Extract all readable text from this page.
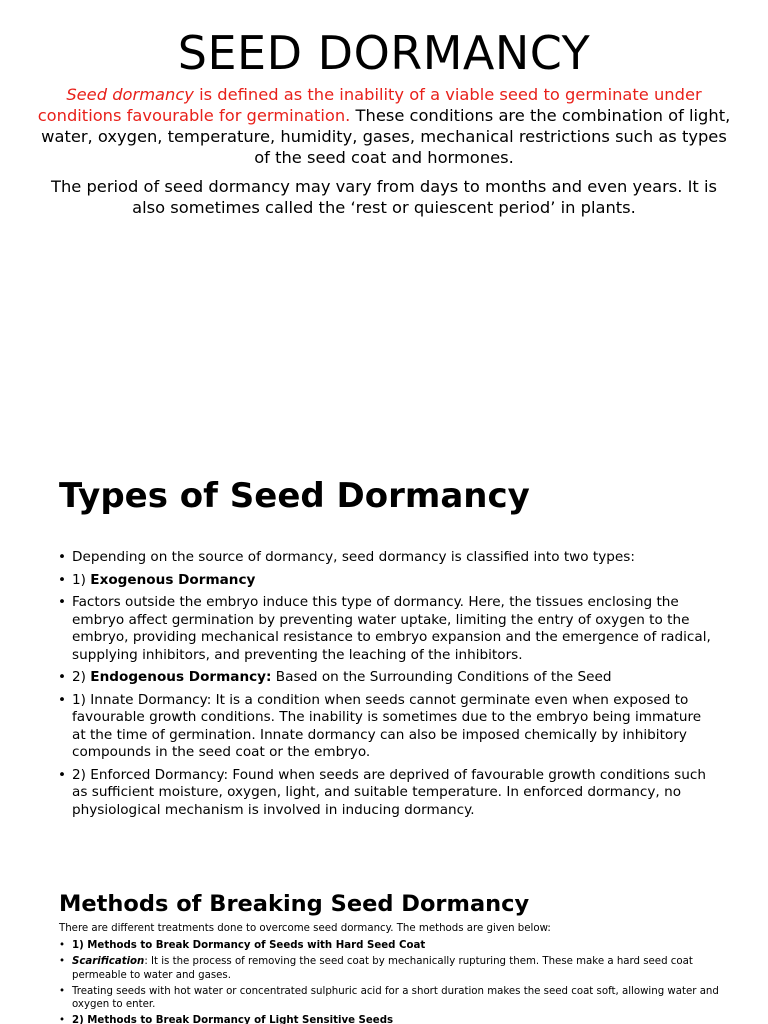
SEED DORMANCY

Seed dormancy is defined as the inability of a viable seed to germinate under conditions favourable for germination. These conditions are the combination of light, water, oxygen, temperature, humidity, gases, mechanical restrictions such as types of the seed coat and hormones.

The period of seed dormancy may vary from days to months and even years. It is also sometimes called the ‘rest or quiescent period’ in plants.

Types of Seed Dormancy
• Depending on the source of dormancy, seed dormancy is classified into two types:
• 1) Exogenous Dormancy
• Factors outside the embryo induce this type of dormancy. Here, the tissues enclosing the embryo affect germination by preventing water uptake, limiting the entry of oxygen to the embryo, providing mechanical resistance to embryo expansion and the emergence of radical, supplying inhibitors, and preventing the leaching of the inhibitors.
• 2) Endogenous Dormancy: Based on the Surrounding Conditions of the Seed
• 1) Innate Dormancy: It is a condition when seeds cannot germinate even when exposed to favourable growth conditions. The inability is sometimes due to the embryo being immature at the time of germination. Innate dormancy can also be imposed chemically by inhibitory compounds in the seed coat or the embryo.
• 2) Enforced Dormancy: Found when seeds are deprived of favourable growth conditions such as sufficient moisture, oxygen, light, and suitable temperature. In enforced dormancy, no physiological mechanism is involved in inducing dormancy.
Methods of Breaking Seed Dormancy

There are different treatments done to overcome seed dormancy. The methods are given below:

• 1) Methods to Break Dormancy of Seeds with Hard Seed Coat
• Scarification: It is the process of removing the seed coat by mechanically rupturing them. These make a hard seed coat permeable to water and gases.
• Treating seeds with hot water or concentrated sulphuric acid for a short duration makes the seed coat soft, allowing water and oxygen to enter.
• 2) Methods to Break Dormancy of Light Sensitive Seeds
